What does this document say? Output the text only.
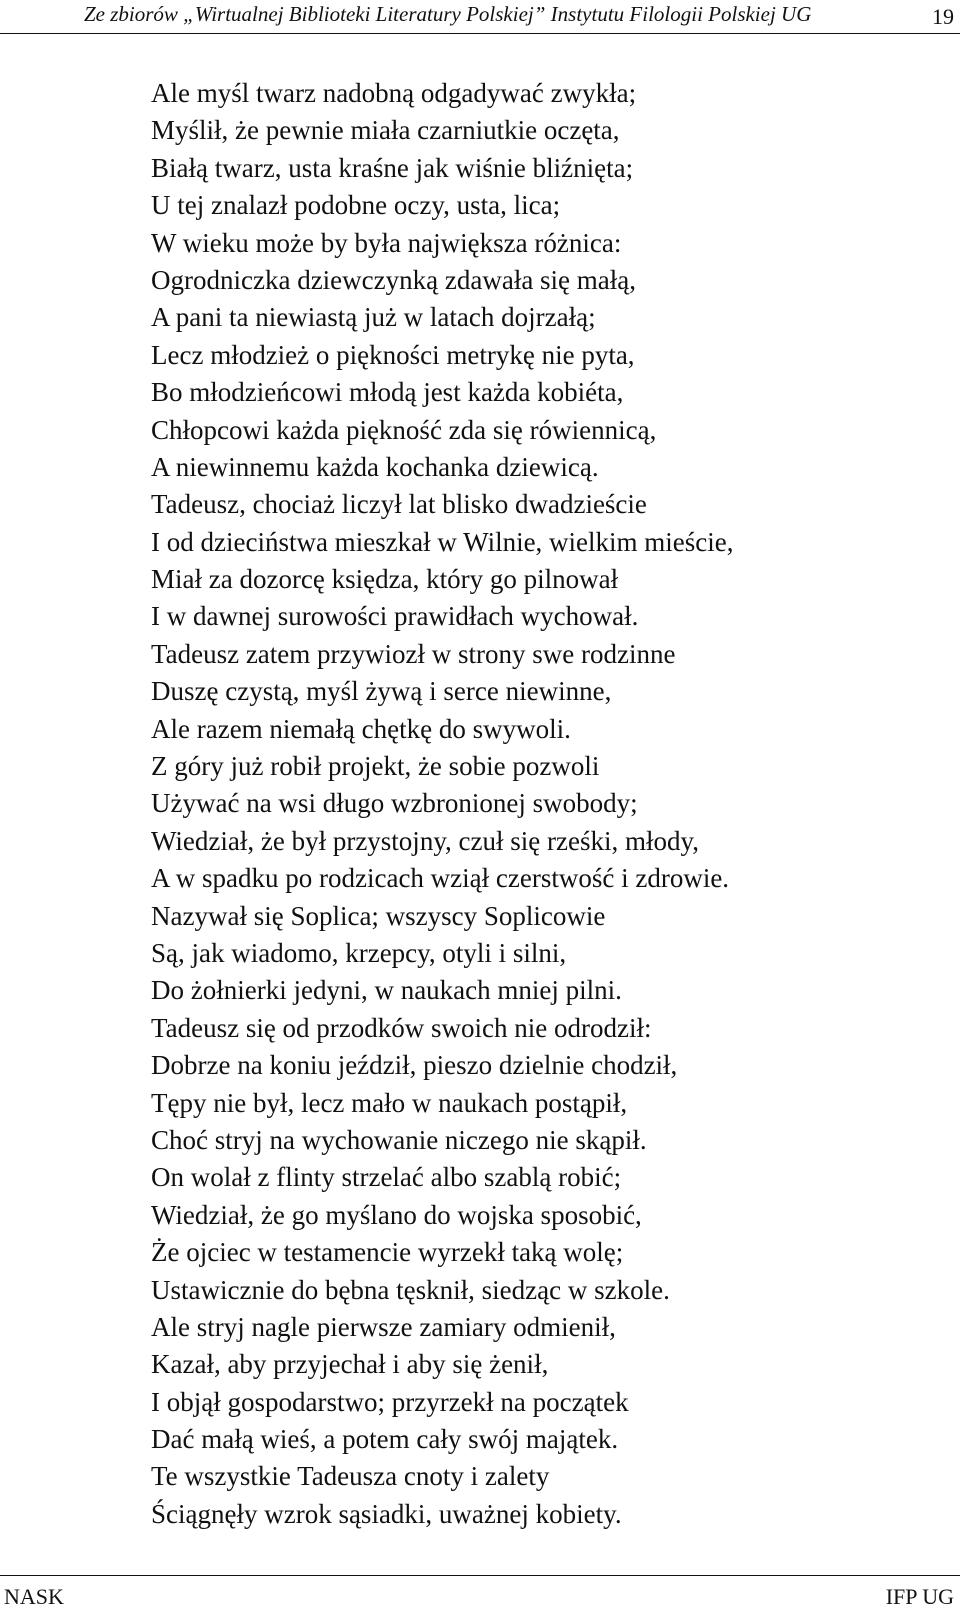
Ze zbiorów „Wirtualnej Biblioteki Literatury Polskiej” Instytutu Filologii Polskiej UG	19
Ale myśl twarz nadobną odgadywać zwykła;
Myślił, że pewnie miała czarniutkie oczęta,
Białą twarz, usta kraśne jak wiśnie bliźnięta;
U tej znalazł podobne oczy, usta, lica;
W wieku może by była największa różnica:
Ogrodniczka dziewczynką zdawała się małą,
A pani ta niewiastą już w latach dojrzałą;
Lecz młodzież o piękności metrykę nie pyta,
Bo młodzieńcowi młodą jest każda kobiéta,
Chłopcowi każda piękność zda się rówiennicą,
A niewinnemu każda kochanka dziewicą.
Tadeusz, chociaż liczył lat blisko dwadzieście
I od dzieciństwa mieszkał w Wilnie, wielkim mieście,
Miał za dozorcę księdza, który go pilnował
I w dawnej surowości prawidłach wychował.
Tadeusz zatem przywiozł w strony swe rodzinne
Duszę czystą, myśl żywą i serce niewinne,
Ale razem niemałą chętkę do swywoli.
Z góry już robił projekt, że sobie pozwoli
Używać na wsi długo wzbronionej swobody;
Wiedział, że był przystojny, czuł się rześki, młody,
A w spadku po rodzicach wziął czerstwość i zdrowie.
Nazywał się Soplica; wszyscy Soplicowie
Są, jak wiadomo, krzepcy, otyli i silni,
Do żołnierki jedyni, w naukach mniej pilni.
Tadeusz się od przodków swoich nie odrodził:
Dobrze na koniu jeździł, pieszo dzielnie chodził,
Tępy nie był, lecz mało w naukach postąpił,
Choć stryj na wychowanie niczego nie skąpił.
On wolał z flinty strzelać albo szablą robić;
Wiedział, że go myślano do wojska sposobić,
Że ojciec w testamencie wyrzekł taką wolę;
Ustawicznie do bębna tęsknił, siedząc w szkole.
Ale stryj nagle pierwsze zamiary odmienił,
Kazał, aby przyjechał i aby się żenił,
I objął gospodarstwo; przyrzekł na początek
Dać małą wieś, a potem cały swój majątek.
Te wszystkie Tadeusza cnoty i zalety
Ściągnęły wzrok sąsiadki, uważnej kobiety.
NASK	IFP UG
